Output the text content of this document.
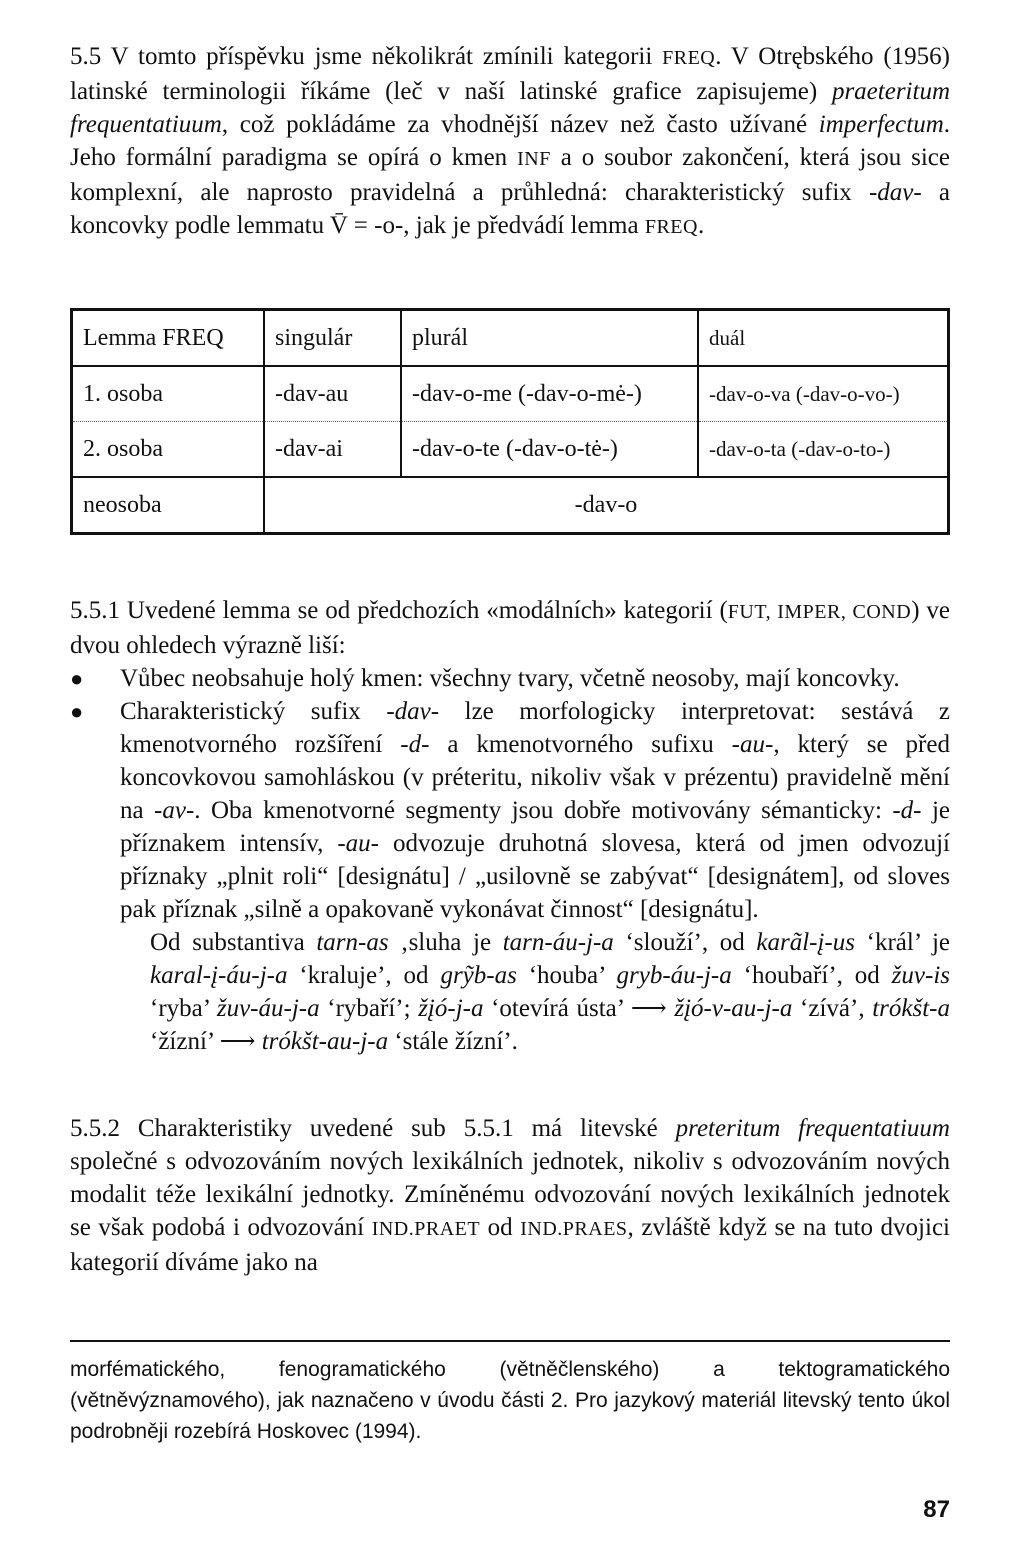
5.5 V tomto příspěvku jsme několikrát zmínili kategorii FREQ. V Otrębského (1956) latinské terminologii říkáme (leč v naší latinské grafice zapisujeme) praeteritum frequentatiuum, což pokládáme za vhodnější název než často užívané imperfectum. Jeho formální paradigma se opírá o kmen INF a o soubor zakončení, která jsou sice komplexní, ale naprosto pravidelná a průhledná: charakteristický sufix -dav- a koncovky podle lemmatu V̄ = -o-, jak je předvádí lemma FREQ.

Lemma FREQ	singulár	plurál	duál
1. osoba	-dav-au	-dav-o-me (-dav-o-mė-)	-dav-o-va (-dav-o-vo-)
2. osoba	-dav-ai	-dav-o-te (-dav-o-tė-)	-dav-o-ta (-dav-o-to-)
neosoba	-dav-o		

5.5.1 Uvedené lemma se od předchozích «modálních» kategorií (FUT, IMPER, COND) ve dvou ohledech výrazně liší:

●	Vůbec neobsahuje holý kmen: všechny tvary, včetně neosoby, mají koncovky.
●	Charakteristický sufix -dav- lze morfologicky interpretovat: sestává z kmenotvorného rozšíření -d- a kmenotvorného sufixu -au-, který se před koncovkovou samohláskou (v préteritu, nikoliv však v prézentu) pravidelně mění na -av-. Oba kmenotvorné segmenty jsou dobře motivovány sémanticky: -d- je příznakem intensív, -au- odvozuje druhotná slovesa, která od jmen odvozují příznaky „plnit roli“ [designátu] / „usilovně se zabývat“ [designátem], od sloves pak příznak „silně a opakovaně vykonávat činnost“ [designátu].

Od substantiva tarn-as ‚sluha je tarn-áu-j-a ‘slouží’, od karãl-į-us ‘král’ je karal-į-áu-j-a ‘kraluje’, od grỹb-as ‘houba’ gryb-áu-j-a ‘houbaří’, od žuv-is ‘ryba’ žuv-áu-j-a ‘rybaří’; žįó-j-a ‘otevírá ústa’ ⟶ žįó-v-au-j-a ‘zívá’, trókšt-a ‘žízní’ ⟶ trókšt-au-j-a ‘stále žízní’.

5.5.2 Charakteristiky uvedené sub 5.5.1 má litevské preteritum frequentatiuum společné s odvozováním nových lexikálních jednotek, nikoliv s odvozováním nových modalit téže lexikální jednotky. Zmíněnému odvozování nových lexikálních jednotek se však podobá i odvozování IND.PRAET od IND.PRAES, zvláště když se na tuto dvojici kategorií díváme jako na

morfématického, fenogramatického (větněčlenského) a tektogramatického (větněvýznamového), jak naznačeno v úvodu části 2. Pro jazykový materiál litevský tento úkol podrobněji rozebírá Hoskovec (1994).

87
